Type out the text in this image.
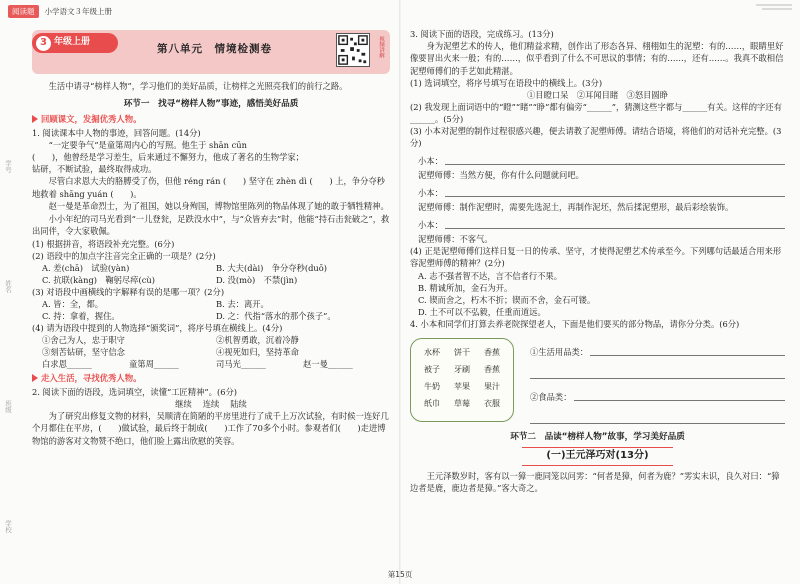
阅读题	小学语文３年级上册
学号
姓名
班级
学校
3 年级上册
第八单元　情境检测卷	视频讲解

生活中请寻“榜样人物”，学习他们的美好品质，让榜样之光照亮我们的前行之路。

环节一　找寻“榜样人物”事迹，感悟美好品质
回顾课文，发掘优秀人物。

1. 阅读课本中人物的事迹，回答问题。(14分)

“一定要争气”是童第周内心的写照。他生于 shān cūn

(　　)，他曾经是学习差生，后来通过不懈努力，他成了著名的生物学家；

钻研，不断试验，最终取得成功。

尽管白求恩大夫的胳膊受了伤，但他 réng rán (　　) 坚守在 zhèn dì (　　) 上，争分夺秒地救着 shāng yuán (　　)。

赵一曼是革命烈士，为了祖国，她以身殉国，博物馆里陈列的物品体现了她的敢于牺牲精神。

小小年纪的司马光看到“一儿登瓮，足跌没水中”，与“众皆弃去”时，他能“持石击瓮破之”，救出同伴，令大家敬佩。

(1) 根据拼音，将语段补充完整。(6分)

(2) 语段中的加点字注音完全正确的一项是？(2分)

A. 差(chā)　试验(yàn)	B. 大夫(dài)　争分夺秒(duō)
C. 抗联(kàng)　鞠躬尽瘁(cù)	D. 没(mò)　不禁(jìn)

(3) 对语段中画横线的字解释有误的是哪一项？(2分)

A. 皆：全，都。	B. 去：离开。
C. 持：拿着，握住。	D. 之：代指“落水的那个孩子”。

(4) 请为语段中提到的人物选择“颁奖词”，将序号填在横线上。(4分)

①舍己为人，忠于职守	②机智勇敢，沉着冷静
③刻苦钻研，坚守信念	④视死如归，坚持革命
白求恩______	童第周______	司马光______	赵一曼______
走入生活，寻找优秀人物。

2. 阅读下面的语段，选词填空，读懂“工匠精神”。(6分)

继续　 连续　 陆续

为了研究出修复文物的材料，吴顺清在简陋的平房里进行了成千上万次试验，有时候一连好几个月都住在平房，(　　)做试验，最后终于制成(　　)工作了70多个小时。参观者们(　　)走进博物馆的游客对文物赞不绝口，他们脸上露出欣慰的笑容。

3. 阅读下面的语段，完成练习。(13分)

身为泥塑艺术的传人，他们精益求精，创作出了形态各异、栩栩如生的泥塑：有的……，眼睛里好像要冒出火来一般；有的……，似乎看到了什么不可思议的事情；有的……，还有……。我真不敢相信泥塑师傅们的手艺如此精湛。

(1) 选词填空，将序号填写在语段中的横线上。(3分)

①目瞪口呆　②耳闻目睹　③怒目圆睁

(2) 我发现上面词语中的“瞪”“睹”“睁”都有偏旁“______”，猜测这些字都与______有关。这样的字还有______。(5分)

(3) 小本对泥塑的制作过程很感兴趣，便去请教了泥塑师傅。请结合语境，将他们的对话补充完整。(3分)

小本：

泥塑师傅：当然方便，你有什么问题就问吧。

小本：

泥塑师傅：制作泥塑时，需要先选泥土，再制作泥坯，然后揉泥塑形，最后彩绘装饰。

小本：

泥塑师傅：不客气。

(4) 正是泥塑师傅们这样日复一日的传承、坚守，才使得泥塑艺术传承至今。下列哪句话最适合用来形容泥塑师傅的精神？(2分)

A. 志不强者智不达，言不信者行不果。

B. 精诚所加，金石为开。

C. 锲而舍之，朽木不折；锲而不舍，金石可镂。

D. 土不可以不弘毅，任重而道远。

4. 小本和同学们打算去养老院探望老人，下面是他们要买的部分物品，请你分分类。(6分)

水杯	饼干	香蕉
被子	牙刷	香蕉
牛奶	苹果	果汁
纸巾	草莓	衣服
①生活用品类：
②食品类：
环节二　品读“榜样人物”故事，学习美好品质
(一)王元泽巧对(13分)

王元泽数岁时，客有以一獐一鹿同笼以问雱：“何者是獐，何者为鹿？”雱实未识，良久对曰：“獐边者是鹿，鹿边者是獐。”客大奇之。

第15页
